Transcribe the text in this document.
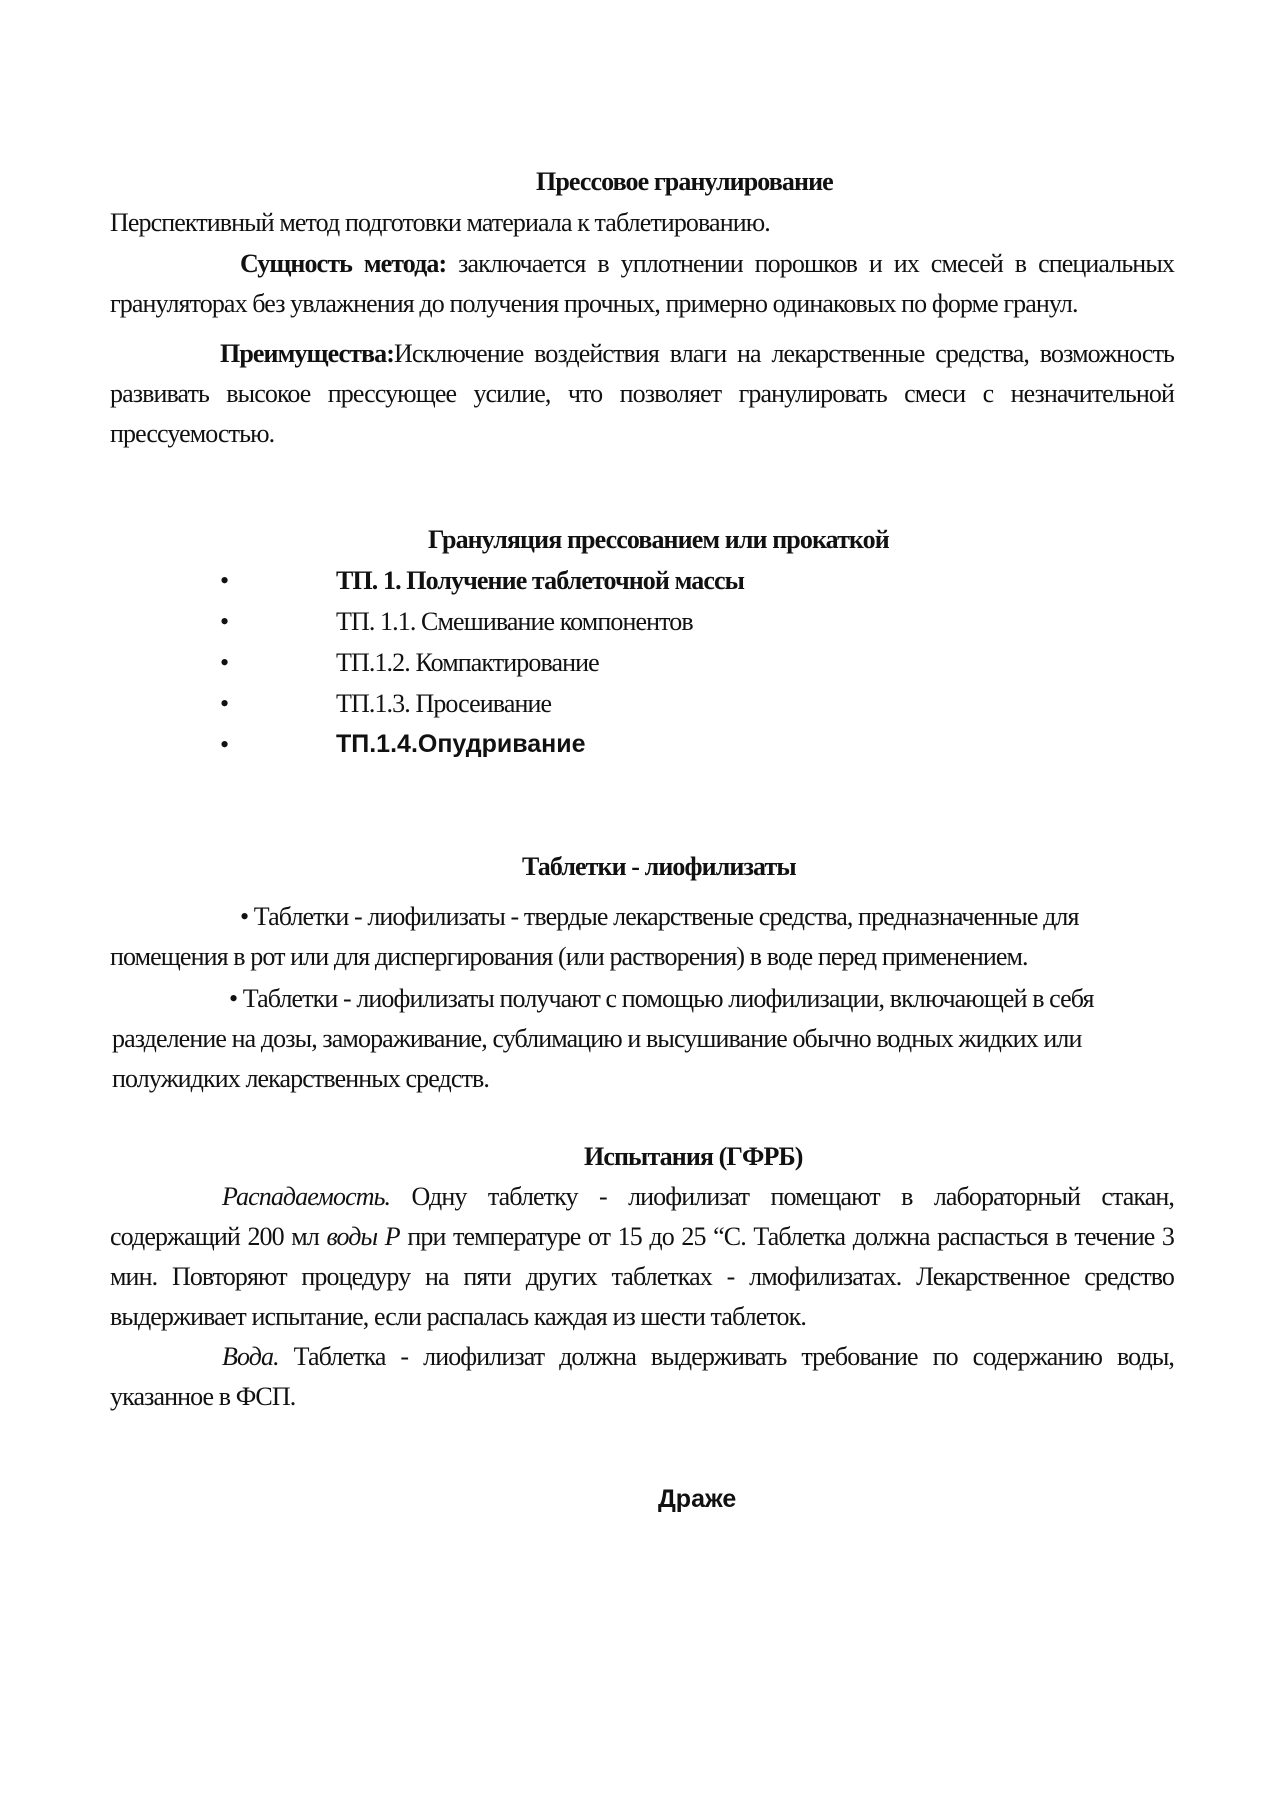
Прессовое гранулирование

Перспективный метод подготовки материала к таблетированию.

Сущность метода: заключается в уплотнении порошков и их смесей в специальных грануляторах без увлажнения до получения прочных, примерно одинаковых по форме гранул.

Преимущества:Исключение воздействия влаги на лекарственные средства, возможность развивать высокое прессующее усилие, что позволяет гранулировать смеси с незначительной прессуемостью.

Грануляция прессованием или прокаткой

•	ТП. 1. Получение таблеточной массы
•	ТП. 1.1. Смешивание компонентов
•	ТП.1.2. Компактирование
•	ТП.1.3. Просеивание
•	ТП.1.4.Опудривание

Таблетки - лиофилизаты

• Таблетки - лиофилизаты - твердые лекарственые средства, предназначенные для помещения в рот или для диспергирования (или растворения) в воде перед применением.

• Таблетки - лиофилизаты получают с помощью лиофилизации, включающей в себя разделение на дозы, замораживание, сублимацию и высушивание обычно водных жидких или полужидких лекарственных средств.

Испытания (ГФРБ)

Распадаемость. Одну таблетку - лиофилизат помещают в лабораторный стакан, содержащий 200 мл воды Р при температуре от 15 до 25 “С. Таблетка должна распасться в течение 3 мин. Повторяют процедуру на пяти других таблетках - лмофилизатах. Лекарственное средство выдерживает испытание, если распалась каждая из шести таблеток.

Вода. Таблетка - лиофилизат должна выдерживать требование по содержанию воды, указанное в ФСП.

Драже
